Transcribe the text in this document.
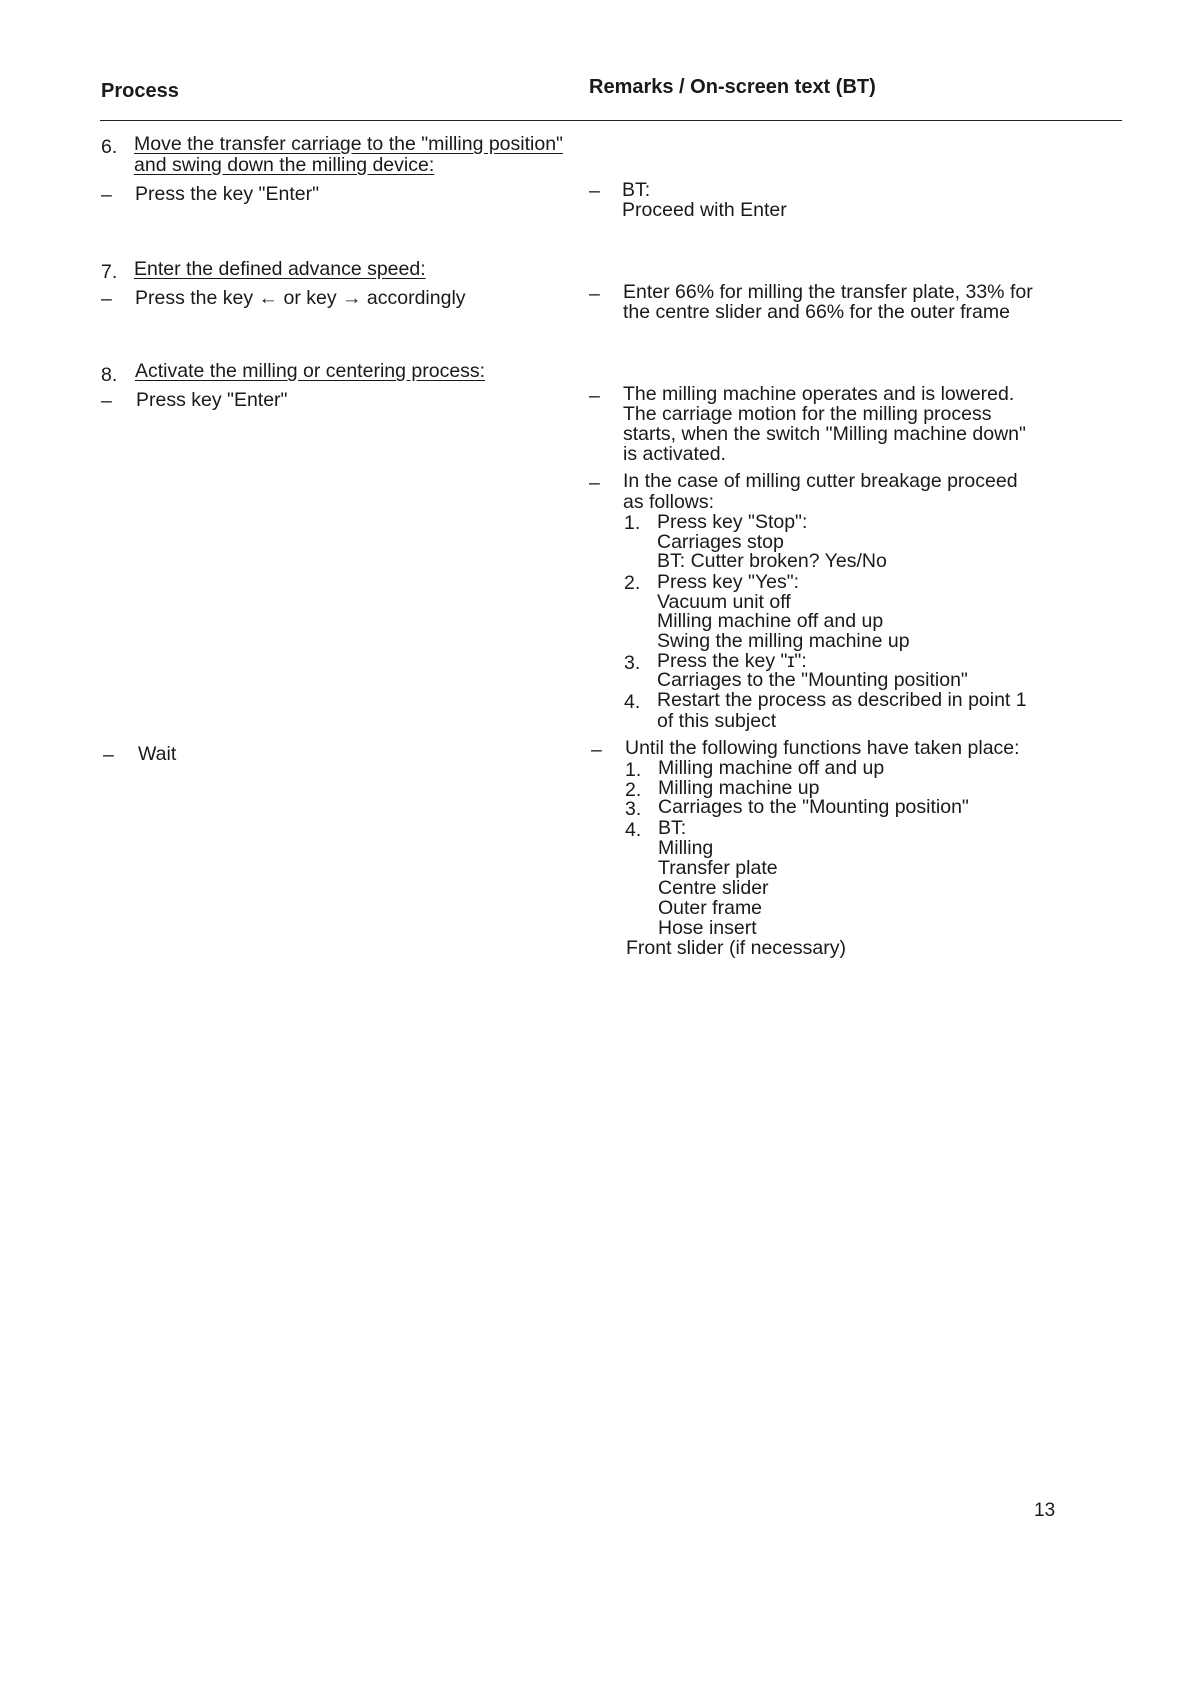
Process	Remarks / On-screen text (BT)
6. Move the transfer carriage to the "milling position"
and swing down the milling device:
– Press the key "Enter"
7. Enter the defined advance speed:
– Press the key ← or key → accordingly
8. Activate the milling or centering process:
– Press key "Enter"
– Wait
– BT:
Proceed with Enter
– Enter 66% for milling the transfer plate, 33% for
the centre slider and 66% for the outer frame
– The milling machine operates and is lowered.
The carriage motion for the milling process
starts, when the switch "Milling machine down"
is activated.
– In the case of milling cutter breakage proceed
as follows:
1. Press key "Stop":
Carriages stop
BT: Cutter broken? Yes/No
2. Press key "Yes":
Vacuum unit off
Milling machine off and up
Swing the milling machine up
3. Press the key "ɪ":
Carriages to the "Mounting position"
4. Restart the process as described in point 1
of this subject
– Until the following functions have taken place:
1. Milling machine off and up
2. Milling machine up
3. Carriages to the "Mounting position"
4. BT:
Milling
Transfer plate
Centre slider
Outer frame
Hose insert
Front slider (if necessary)
13
